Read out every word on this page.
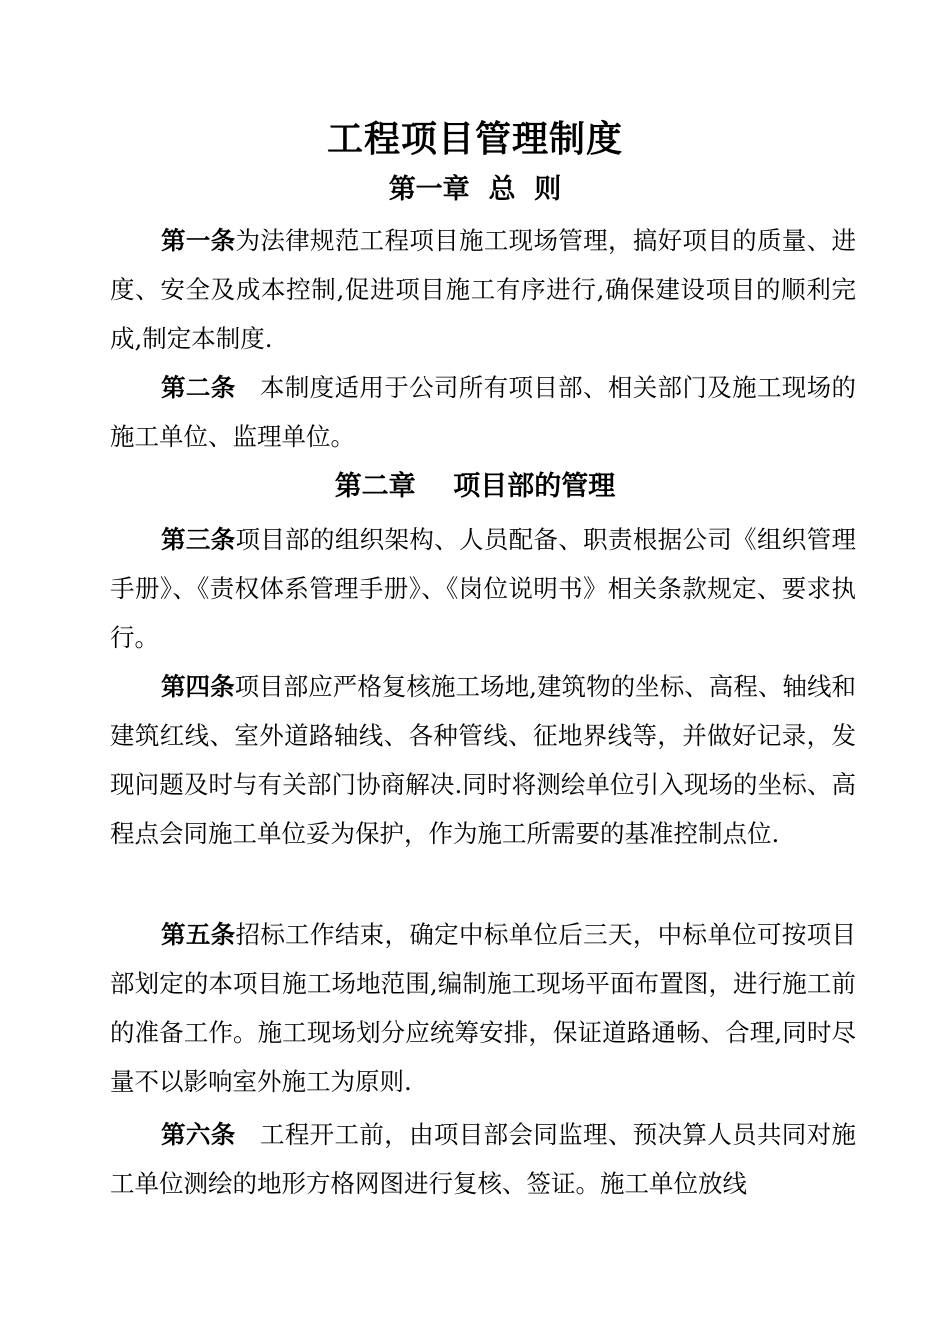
工程项目管理制度
第一章  总  则

第一条为法律规范工程项目施工现场管理，搞好项目的质量、进度、安全及成本控制,促进项目施工有序进行,确保建设项目的顺利完成,制定本制度.

第二条   本制度适用于公司所有项目部、相关部门及施工现场的施工单位、监理单位。

第二章    项目部的管理

第三条项目部的组织架构、人员配备、职责根据公司《组织管理手册》、《责权体系管理手册》、《岗位说明书》相关条款规定、要求执行。

第四条项目部应严格复核施工场地,建筑物的坐标、高程、轴线和建筑红线、室外道路轴线、各种管线、征地界线等，并做好记录，发现问题及时与有关部门协商解决.同时将测绘单位引入现场的坐标、高程点会同施工单位妥为保护，作为施工所需要的基准控制点位.

第五条招标工作结束，确定中标单位后三天，中标单位可按项目部划定的本项目施工场地范围,编制施工现场平面布置图，进行施工前的准备工作。施工现场划分应统筹安排，保证道路通畅、合理,同时尽量不以影响室外施工为原则.

第六条   工程开工前，由项目部会同监理、预决算人员共同对施工单位测绘的地形方格网图进行复核、签证。施工单位放线
